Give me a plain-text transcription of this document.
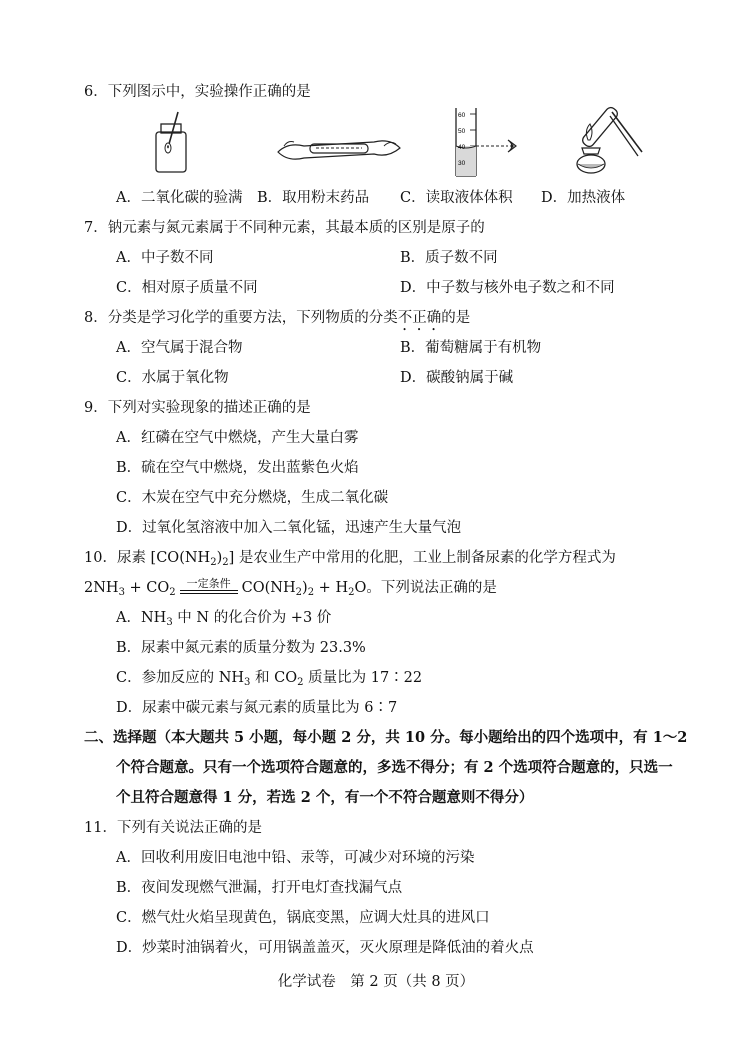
6．下列图示中，实验操作正确的是
60
50
40
30
A．二氧化碳的验满 B．取用粉末药品 C．读取液体体积 D．加热液体
7．钠元素与氮元素属于不同种元素，其最本质的区别是原子的
A．中子数不同	B．质子数不同
C．相对原子质量不同	D．中子数与核外电子数之和不同
8．分类是学习化学的重要方法，下列物质的分类不正确的是
A．空气属于混合物	B．葡萄糖属于有机物
C．水属于氧化物	D．碳酸钠属于碱
9．下列对实验现象的描述正确的是
A．红磷在空气中燃烧，产生大量白雾
B．硫在空气中燃烧，发出蓝紫色火焰
C．木炭在空气中充分燃烧，生成二氧化碳
D．过氧化氢溶液中加入二氧化锰，迅速产生大量气泡
10．尿素 $[CO(NH_2)_2]$ 是农业生产中常用的化肥，工业上制备尿素的化学方程式为
$2NH_3 + CO_2$
一定条件 $CO(NH_2)_2 + H_2O$。下列说法正确的是
A．$NH_3$ 中 N 的化合价为 +3 价
B．尿素中氮元素的质量分数为 23.3%
C．参加反应的 $NH_3$ 和 $CO_2$ 质量比为 17∶22
D．尿素中碳元素与氮元素的质量比为 6∶7
二、选择题（本大题共 5 小题，每小题 2 分，共 10 分。每小题给出的四个选项中，有 1～2
个符合题意。只有一个选项符合题意的，多选不得分；有 2 个选项符合题意的，只选一
个且符合题意得 1 分，若选 2 个，有一个不符合题意则不得分）
11．下列有关说法正确的是
A．回收利用废旧电池中铅、汞等，可减少对环境的污染
B．夜间发现燃气泄漏，打开电灯查找漏气点
C．燃气灶火焰呈现黄色，锅底变黑，应调大灶具的进风口
D．炒菜时油锅着火，可用锅盖盖灭，灭火原理是降低油的着火点
化学试卷　第 2 页（共 8 页）
